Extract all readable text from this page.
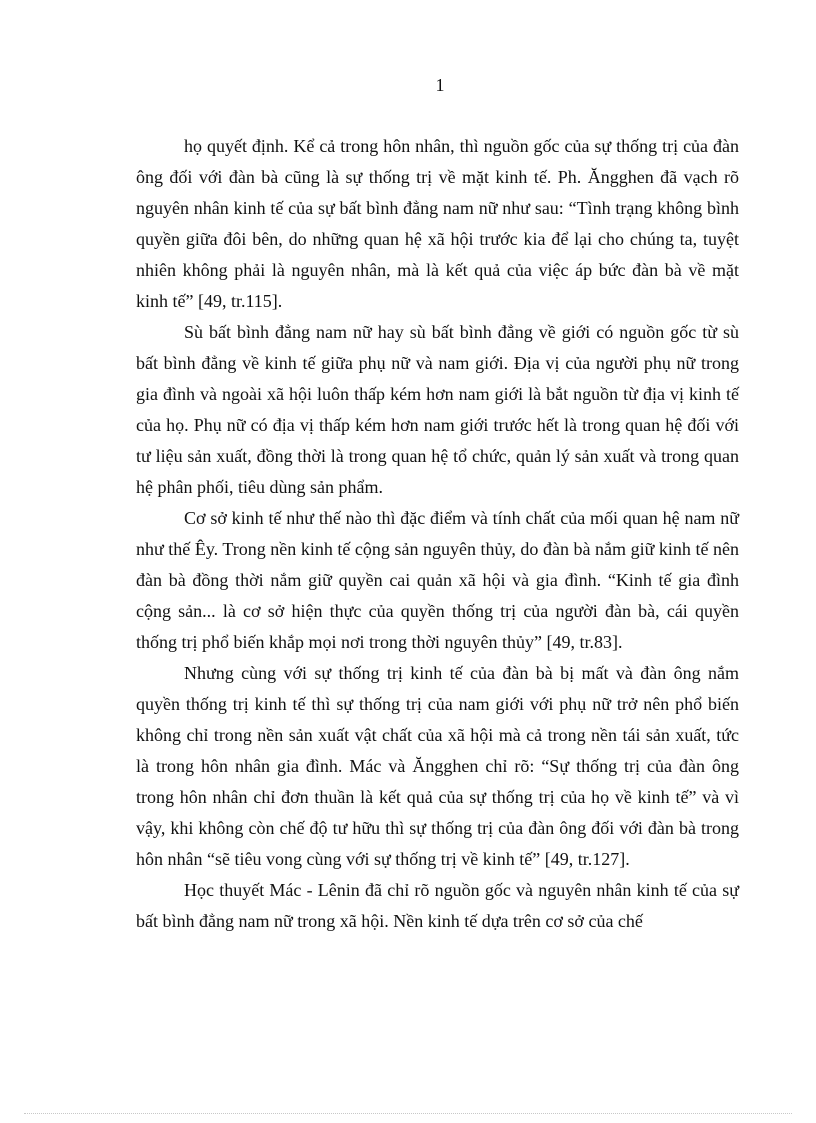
1

họ quyết định. Kể cả trong hôn nhân, thì nguồn gốc của sự thống trị của đàn ông đối với đàn bà cũng là sự thống trị về mặt kinh tế. Ph. Ăngghen đã vạch rõ nguyên nhân kinh tế của sự bất bình đẳng nam nữ như sau: “Tình trạng không bình quyền giữa đôi bên, do những quan hệ xã hội trước kia để lại cho chúng ta, tuyệt nhiên không phải là nguyên nhân, mà là kết quả của việc áp bức đàn bà về mặt kinh tế” [49, tr.115].

Sù bất bình đẳng nam nữ hay sù bất bình đẳng về giới có nguồn gốc từ sù bất bình đẳng về kinh tế giữa phụ nữ và nam giới. Địa vị của người phụ nữ trong gia đình và ngoài xã hội luôn thấp kém hơn nam giới là bắt nguồn từ địa vị kinh tế của họ. Phụ nữ có địa vị thấp kém hơn nam giới trước hết là trong quan hệ đối với tư liệu sản xuất, đồng thời là trong quan hệ tổ chức, quản lý sản xuất và trong quan hệ phân phối, tiêu dùng sản phẩm.

Cơ sở kinh tế như thế nào thì đặc điểm và tính chất của mối quan hệ nam nữ như thế Êy. Trong nền kinh tế cộng sản nguyên thủy, do đàn bà nắm giữ kinh tế nên đàn bà đồng thời nắm giữ quyền cai quản xã hội và gia đình. “Kinh tế gia đình cộng sản... là cơ sở hiện thực của quyền thống trị của người đàn bà, cái quyền thống trị phổ biến khắp mọi nơi trong thời nguyên thủy” [49, tr.83].

Nhưng cùng với sự thống trị kinh tế của đàn bà bị mất và đàn ông nắm quyền thống trị kinh tế thì sự thống trị của nam giới với phụ nữ trở nên phổ biến không chỉ trong nền sản xuất vật chất của xã hội mà cả trong nền tái sản xuất, tức là trong hôn nhân gia đình. Mác và Ăngghen chỉ rõ: “Sự thống trị của đàn ông trong hôn nhân chỉ đơn thuần là kết quả của sự thống trị của họ về kinh tế” và vì vậy, khi không còn chế độ tư hữu thì sự thống trị của đàn ông đối với đàn bà trong hôn nhân “sẽ tiêu vong cùng với sự thống trị về kinh tế” [49, tr.127].

Học thuyết Mác - Lênin đã chỉ rõ nguồn gốc và nguyên nhân kinh tế của sự bất bình đẳng nam nữ trong xã hội. Nền kinh tế dựa trên cơ sở của chế
